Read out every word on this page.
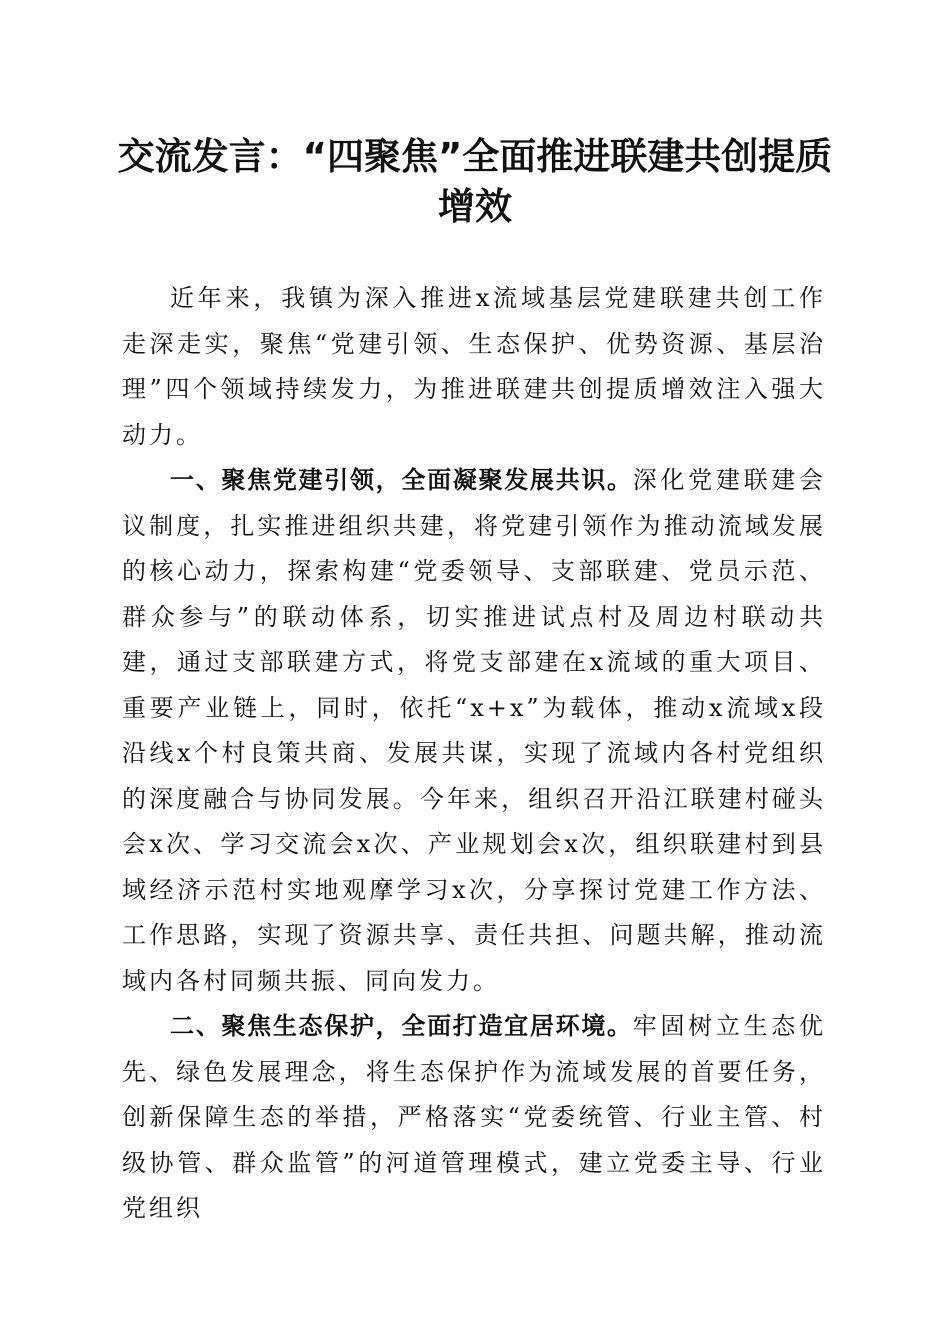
交流发言：“四聚焦”全面推进联建共创提质
增效

近年来，我镇为深入推进x流域基层党建联建共创工作走深走实，聚焦“党建引领、生态保护、优势资源、基层治理”四个领域持续发力，为推进联建共创提质增效注入强大动力。

一、聚焦党建引领，全面凝聚发展共识。深化党建联建会议制度，扎实推进组织共建，将党建引领作为推动流域发展的核心动力，探索构建“党委领导、支部联建、党员示范、群众参与”的联动体系，切实推进试点村及周边村联动共建，通过支部联建方式，将党支部建在x流域的重大项目、重要产业链上，同时，依托“x+x”为载体，推动x流域x段沿线x个村良策共商、发展共谋，实现了流域内各村党组织的深度融合与协同发展。今年来，组织召开沿江联建村碰头会x次、学习交流会x次、产业规划会x次，组织联建村到县域经济示范村实地观摩学习x次，分享探讨党建工作方法、工作思路，实现了资源共享、责任共担、问题共解，推动流域内各村同频共振、同向发力。

二、聚焦生态保护，全面打造宜居环境。牢固树立生态优先、绿色发展理念，将生态保护作为流域发展的首要任务，创新保障生态的举措，严格落实“党委统管、行业主管、村级协管、群众监管”的河道管理模式，建立党委主导、行业党组织
